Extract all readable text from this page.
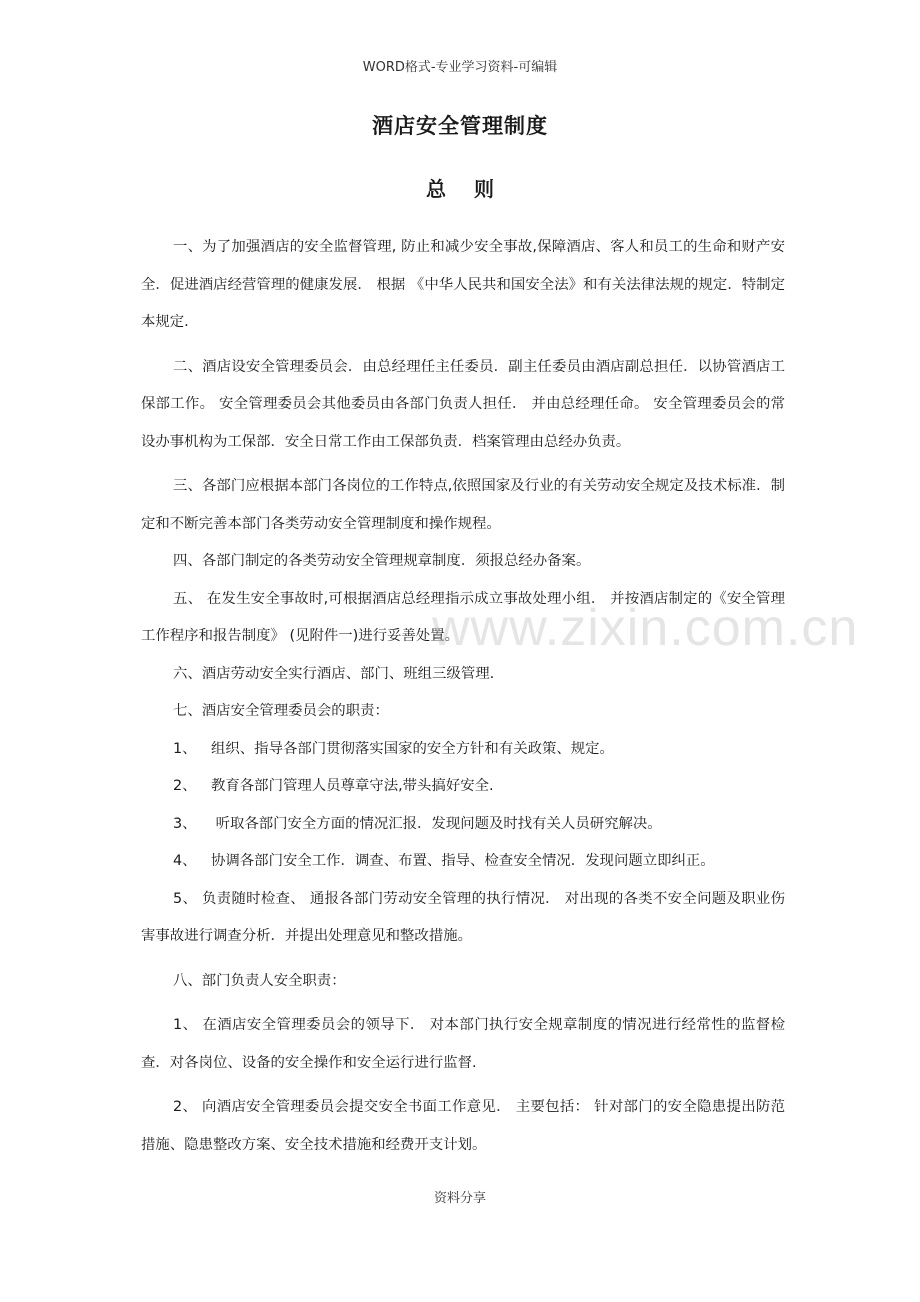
WORD格式-专业学习资料-可编辑
酒店安全管理制度
总 则

一、为了加强酒店的安全监督管理, 防止和减少安全事故,保障酒店、客人和员工的生命和财产安全．促进酒店经营管理的健康发展． 根据 《中华人民共和国安全法》和有关法律法规的规定．特制定本规定.

二、酒店设安全管理委员会．由总经理任主任委员．副主任委员由酒店副总担任．以协管酒店工保部工作。 安全管理委员会其他委员由各部门负责人担任． 并由总经理任命。 安全管理委员会的常设办事机构为工保部．安全日常工作由工保部负责．档案管理由总经办负责。

三、各部门应根据本部门各岗位的工作特点,依照国家及行业的有关劳动安全规定及技术标准．制定和不断完善本部门各类劳动安全管理制度和操作规程。

四、各部门制定的各类劳动安全管理规章制度．须报总经办备案。

五、 在发生安全事故时,可根据酒店总经理指示成立事故处理小组． 并按酒店制定的《安全管理工作程序和报告制度》 (见附件一)进行妥善处置。

六、酒店劳动安全实行酒店、部门、班组三级管理.

七、酒店安全管理委员会的职责：

1、 组织、指导各部门贯彻落实国家的安全方针和有关政策、规定。

2、 教育各部门管理人员尊章守法,带头搞好安全.

3、 听取各部门安全方面的情况汇报．发现问题及时找有关人员研究解决。

4、 协调各部门安全工作．调查、布置、指导、检查安全情况．发现问题立即纠正。

5、 负责随时检查、 通报各部门劳动安全管理的执行情况． 对出现的各类不安全问题及职业伤害事故进行调查分析．并提出处理意见和整改措施。

八、部门负责人安全职责：

1、 在酒店安全管理委员会的领导下． 对本部门执行安全规章制度的情况进行经常性的监督检查．对各岗位、设备的安全操作和安全运行进行监督.

2、 向酒店安全管理委员会提交安全书面工作意见． 主要包括： 针对部门的安全隐患提出防范措施、隐患整改方案、安全技术措施和经费开支计划。

www.zixin.com.cn
资料分享
